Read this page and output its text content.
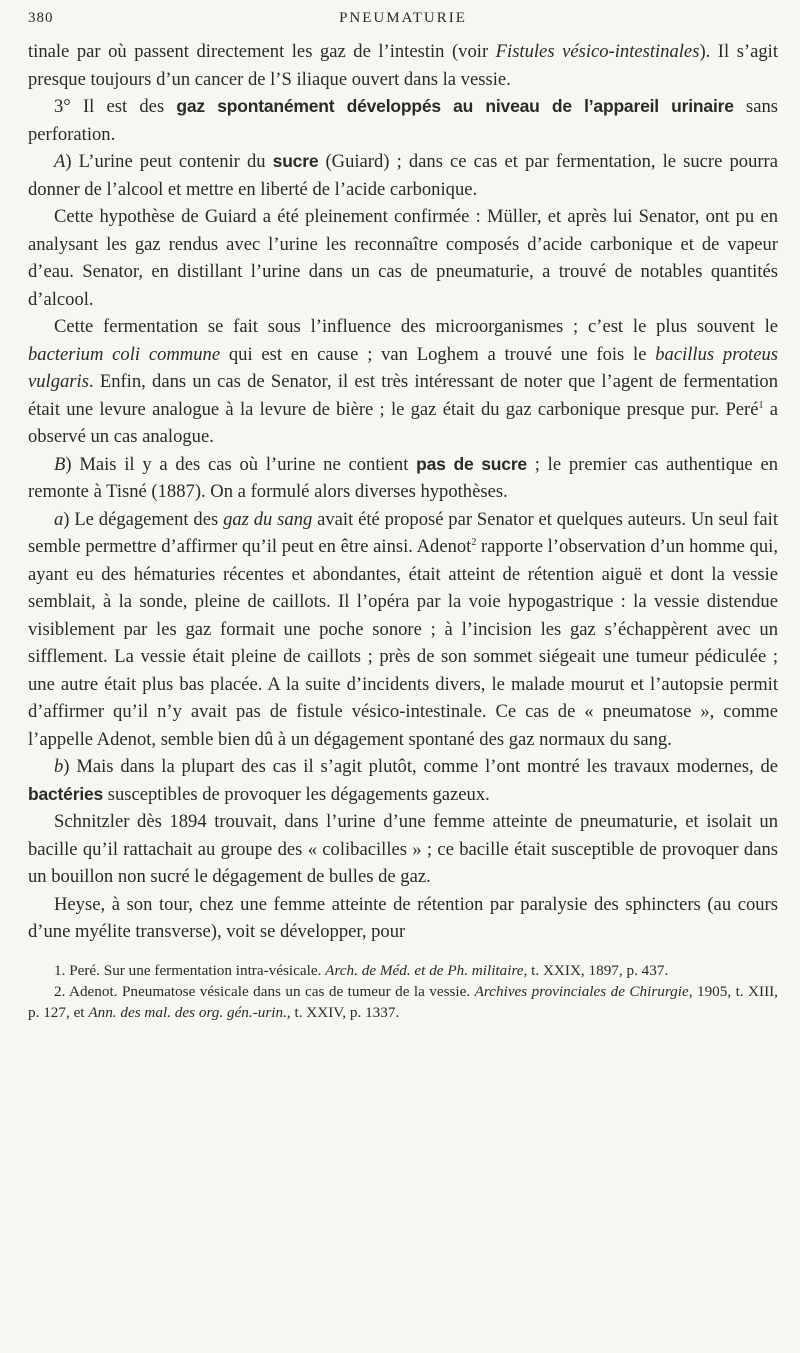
380	PNEUMATURIE

tinale par où passent directement les gaz de l’intestin (voir Fistules vésico-intestinales). Il s’agit presque toujours d’un cancer de l’S iliaque ouvert dans la vessie.

3° Il est des gaz spontanément développés au niveau de l’appareil urinaire sans perforation.

A) L’urine peut contenir du sucre (Guiard) ; dans ce cas et par fermentation, le sucre pourra donner de l’alcool et mettre en liberté de l’acide carbonique.

Cette hypothèse de Guiard a été pleinement confirmée : Müller, et après lui Senator, ont pu en analysant les gaz rendus avec l’urine les reconnaître composés d’acide carbonique et de vapeur d’eau. Senator, en distillant l’urine dans un cas de pneumaturie, a trouvé de notables quantités d’alcool.

Cette fermentation se fait sous l’influence des microorganismes ; c’est le plus souvent le bacterium coli commune qui est en cause ; van Loghem a trouvé une fois le bacillus proteus vulgaris. Enfin, dans un cas de Senator, il est très intéressant de noter que l’agent de fermentation était une levure analogue à la levure de bière ; le gaz était du gaz carbonique presque pur. Peré$^1$ a observé un cas analogue.

B) Mais il y a des cas où l’urine ne contient pas de sucre ; le premier cas authentique en remonte à Tisné (1887). On a formulé alors diverses hypothèses.

a) Le dégagement des gaz du sang avait été proposé par Senator et quelques auteurs. Un seul fait semble permettre d’affirmer qu’il peut en être ainsi. Adenot$^2$ rapporte l’observation d’un homme qui, ayant eu des hématuries récentes et abondantes, était atteint de rétention aiguë et dont la vessie semblait, à la sonde, pleine de caillots. Il l’opéra par la voie hypogastrique : la vessie distendue visiblement par les gaz formait une poche sonore ; à l’incision les gaz s’échappèrent avec un sifflement. La vessie était pleine de caillots ; près de son sommet siégeait une tumeur pédiculée ; une autre était plus bas placée. A la suite d’incidents divers, le malade mourut et l’autopsie permit d’affirmer qu’il n’y avait pas de fistule vésico-intestinale. Ce cas de « pneumatose », comme l’appelle Adenot, semble bien dû à un dégagement spontané des gaz normaux du sang.

b) Mais dans la plupart des cas il s’agit plutôt, comme l’ont montré les travaux modernes, de bactéries susceptibles de provoquer les dégagements gazeux.

Schnitzler dès 1894 trouvait, dans l’urine d’une femme atteinte de pneumaturie, et isolait un bacille qu’il rattachait au groupe des « colibacilles » ; ce bacille était susceptible de provoquer dans un bouillon non sucré le dégagement de bulles de gaz.

Heyse, à son tour, chez une femme atteinte de rétention par paralysie des sphincters (au cours d’une myélite transverse), voit se développer, pour

1. Peré. Sur une fermentation intra-vésicale. Arch. de Méd. et de Ph. militaire, t. XXIX, 1897, p. 437.

2. Adenot. Pneumatose vésicale dans un cas de tumeur de la vessie. Archives provinciales de Chirurgie, 1905, t. XIII, p. 127, et Ann. des mal. des org. gén.-urin., t. XXIV, p. 1337.
